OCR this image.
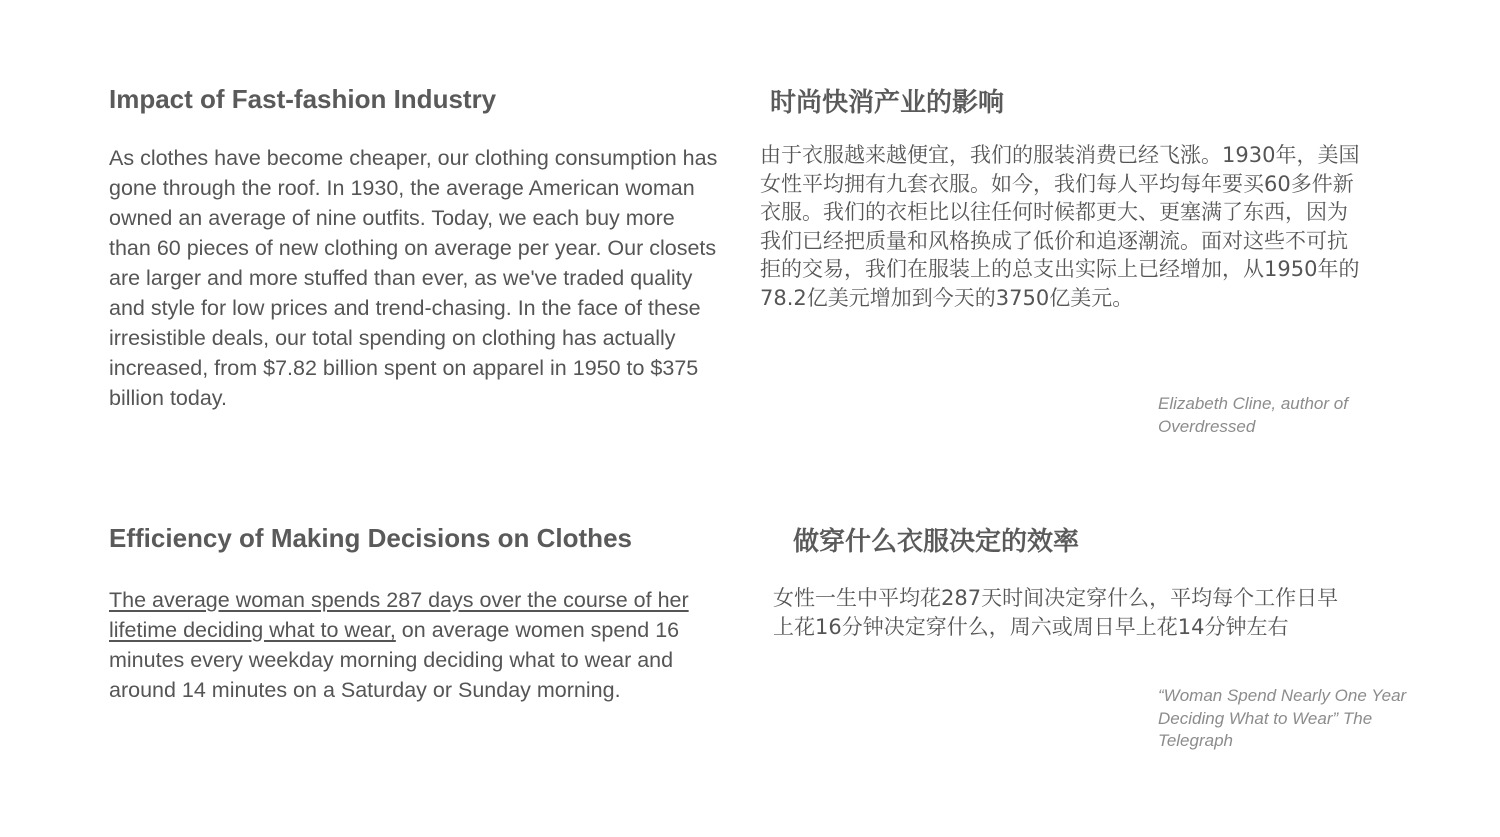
Impact of Fast-fashion Industry

As clothes have become cheaper, our clothing consumption has gone through the roof. In 1930, the average American woman owned an average of nine outfits. Today, we each buy more than 60 pieces of new clothing on average per year. Our closets are larger and more stuffed than ever, as we've traded quality and style for low prices and trend-chasing. In the face of these irresistible deals, our total spending on clothing has actually increased, from $7.82 billion spent on apparel in 1950 to $375 billion today.

时尚快消产业的影响

由于衣服越来越便宜，我们的服装消费已经飞涨。1930年，美国女性平均拥有九套衣服。如今，我们每人平均每年要买60多件新衣服。我们的衣柜比以往任何时候都更大、更塞满了东西，因为我们已经把质量和风格换成了低价和追逐潮流。面对这些不可抗拒的交易，我们在服装上的总支出实际上已经增加，从1950年的78.2亿美元增加到今天的3750亿美元。

Elizabeth Cline, author of Overdressed

Efficiency of Making Decisions on Clothes

The average woman spends 287 days over the course of her lifetime deciding what to wear, on average women spend 16 minutes every weekday morning deciding what to wear and around 14 minutes on a Saturday or Sunday morning.

做穿什么衣服决定的效率

女性一生中平均花287天时间决定穿什么，平均每个工作日早上花16分钟决定穿什么，周六或周日早上花14分钟左右

“Woman Spend Nearly One Year Deciding What to Wear” The Telegraph
